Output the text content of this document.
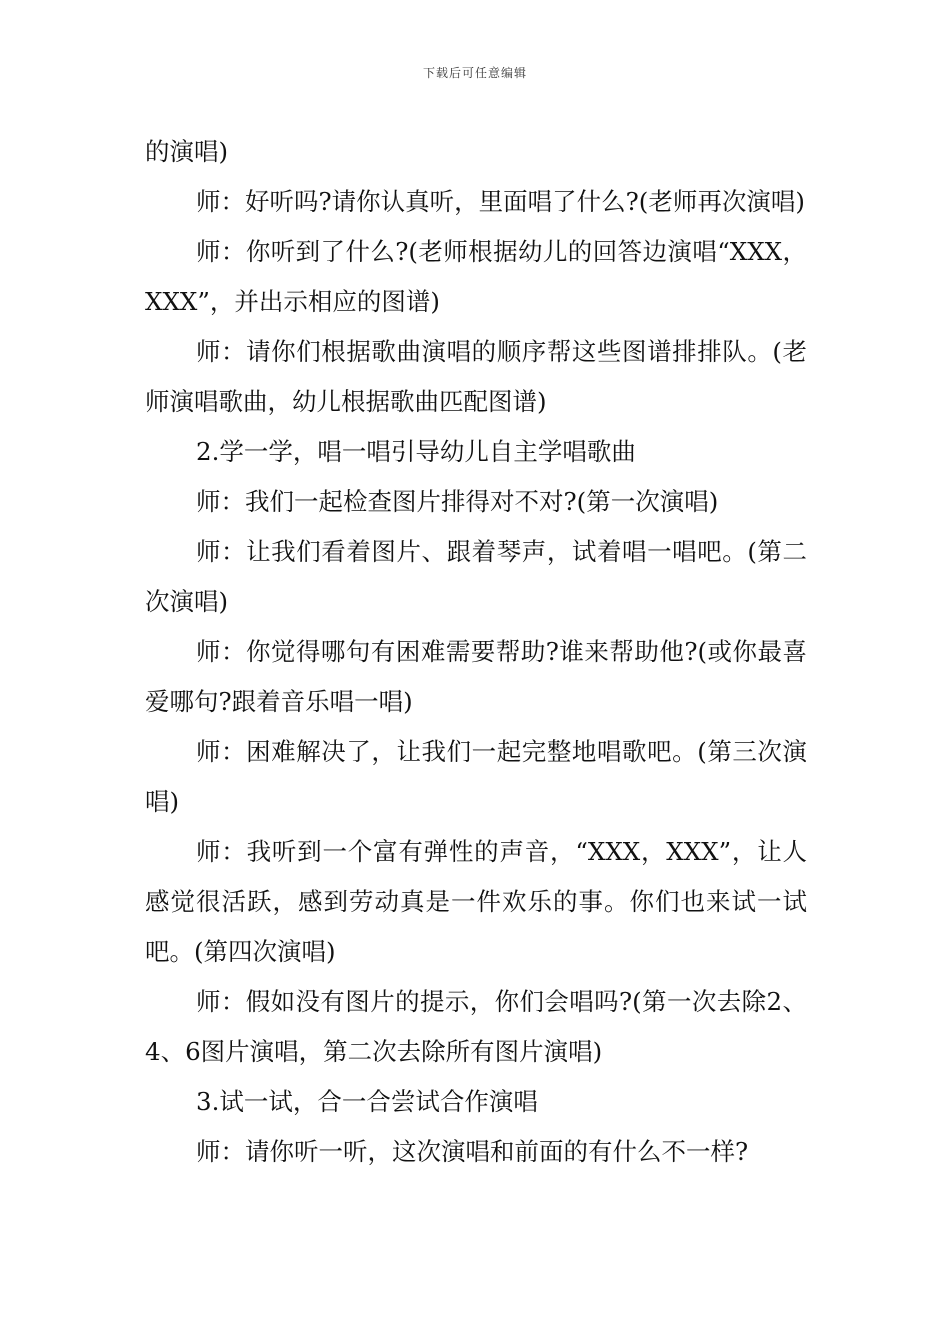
下载后可任意编辑

的演唱)

师：好听吗?请你认真听，里面唱了什么?(老师再次演唱)

师：你听到了什么?(老师根据幼儿的回答边演唱“XXX，XXX”，并出示相应的图谱)

师：请你们根据歌曲演唱的顺序帮这些图谱排排队。(老师演唱歌曲，幼儿根据歌曲匹配图谱)

2.学一学，唱一唱引导幼儿自主学唱歌曲

师：我们一起检查图片排得对不对?(第一次演唱)

师：让我们看着图片、跟着琴声，试着唱一唱吧。(第二次演唱)

师：你觉得哪句有困难需要帮助?谁来帮助他?(或你最喜爱哪句?跟着音乐唱一唱)

师：困难解决了，让我们一起完整地唱歌吧。(第三次演唱)

师：我听到一个富有弹性的声音，“XXX，XXX”，让人感觉很活跃，感到劳动真是一件欢乐的事。你们也来试一试吧。(第四次演唱)

师：假如没有图片的提示，你们会唱吗?(第一次去除2、4、6图片演唱，第二次去除所有图片演唱)

3.试一试，合一合尝试合作演唱

师：请你听一听，这次演唱和前面的有什么不一样?
